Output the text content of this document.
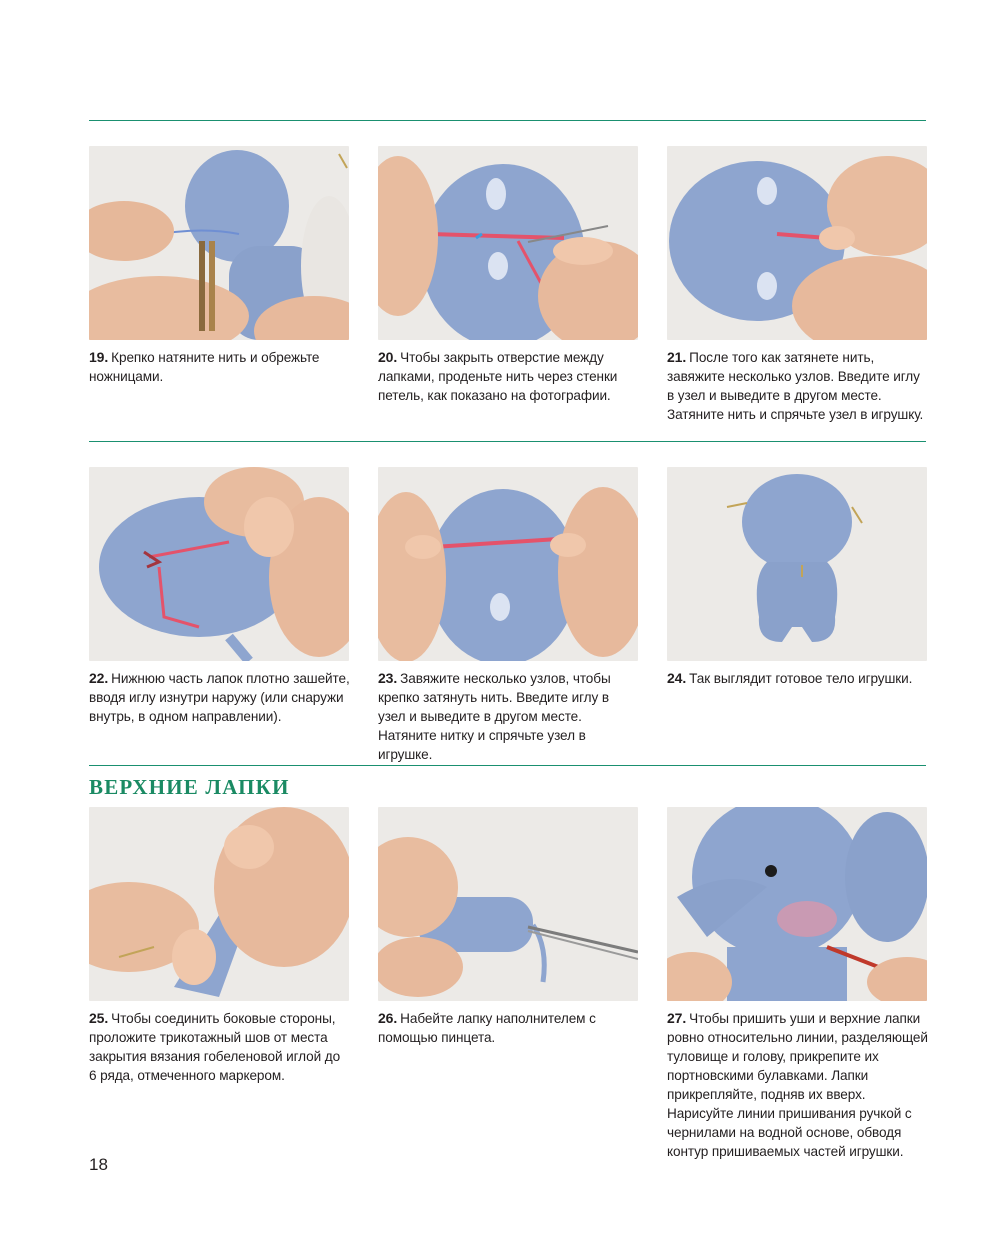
19. Крепко натяните нить и обрежьте ножницами.
20. Чтобы закрыть отверстие между лапками, проденьте нить через стенки петель, как показано на фотографии.
21. После того как затянете нить, завяжите несколько узлов. Введите иглу в узел и выведите в другом месте. Затяните нить и спрячьте узел в игрушку.
22. Нижнюю часть лапок плотно зашейте, вводя иглу изнутри наружу (или снаружи внутрь, в одном направлении).
23. Завяжите несколько узлов, чтобы крепко затянуть нить. Введите иглу в узел и выведите в другом месте. Натяните нитку и спрячьте узел в игрушке.
24. Так выглядит готовое тело игрушки.
ВЕРХНИЕ ЛАПКИ
25. Чтобы соединить боковые стороны, проложите трикотажный шов от места закрытия вязания гобеленовой иглой до 6 ряда, отмеченного маркером.
26. Набейте лапку наполнителем с помощью пинцета.
27. Чтобы пришить уши и верхние лапки ровно относительно линии, разделяющей туловище и голову, прикрепите их портновскими булавками. Лапки прикрепляйте, подняв их вверх. Нарисуйте линии пришивания ручкой с чернилами на водной основе, обводя контур пришиваемых частей игрушки.
18
